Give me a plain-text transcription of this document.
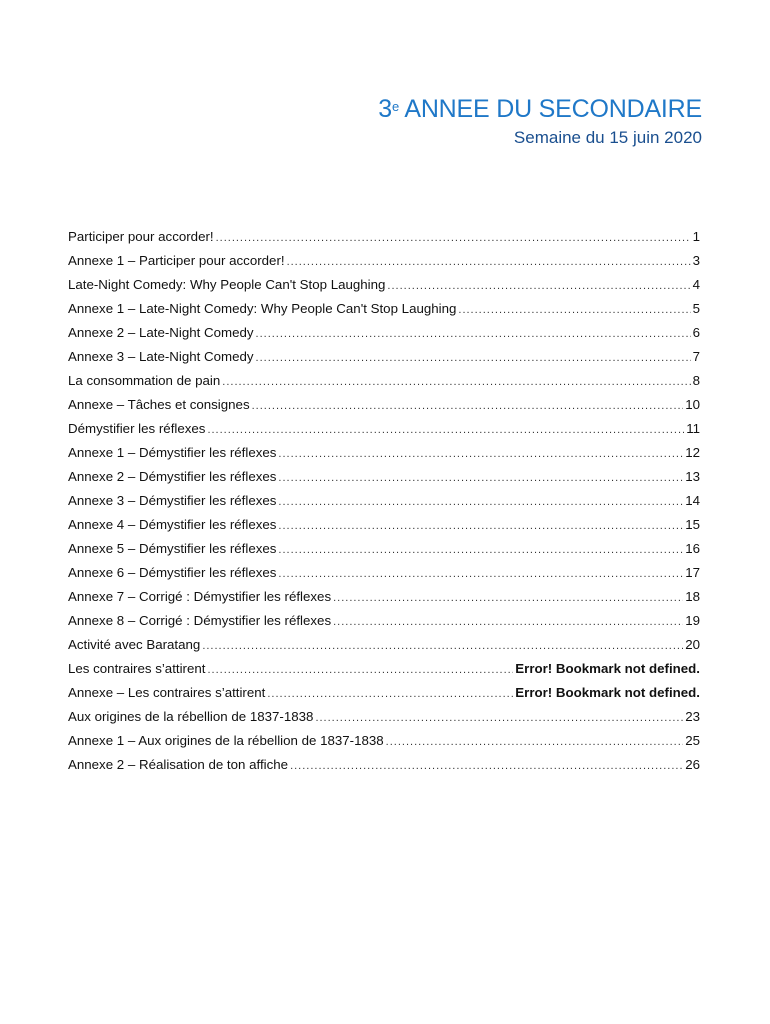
3e ANNEE DU SECONDAIRE
Semaine du 15 juin 2020
Participer pour accorder! .....	1
Annexe 1 – Participer pour accorder! .....	3
Late-Night Comedy: Why People Can't Stop Laughing .....	4
Annexe 1 – Late-Night Comedy: Why People Can't Stop Laughing .....	5
Annexe 2 – Late-Night Comedy .....	6
Annexe 3 – Late-Night Comedy .....	7
La consommation de pain .....	8
Annexe – Tâches et consignes .....	10
Démystifier les réflexes .....	11
Annexe 1 – Démystifier les réflexes .....	12
Annexe 2 – Démystifier les réflexes .....	13
Annexe 3 – Démystifier les réflexes .....	14
Annexe 4 – Démystifier les réflexes .....	15
Annexe 5 – Démystifier les réflexes .....	16
Annexe 6 – Démystifier les réflexes .....	17
Annexe 7 – Corrigé : Démystifier les réflexes .....	18
Annexe 8 – Corrigé : Démystifier les réflexes .....	19
Activité avec Baratang .....	20
Les contraires s’attirent .....	Error! Bookmark not defined.
Annexe – Les contraires s’attirent .....	Error! Bookmark not defined.
Aux origines de la rébellion de 1837-1838 .....	23
Annexe 1 – Aux origines de la rébellion de 1837-1838 .....	25
Annexe 2 – Réalisation de ton affiche .....	26
